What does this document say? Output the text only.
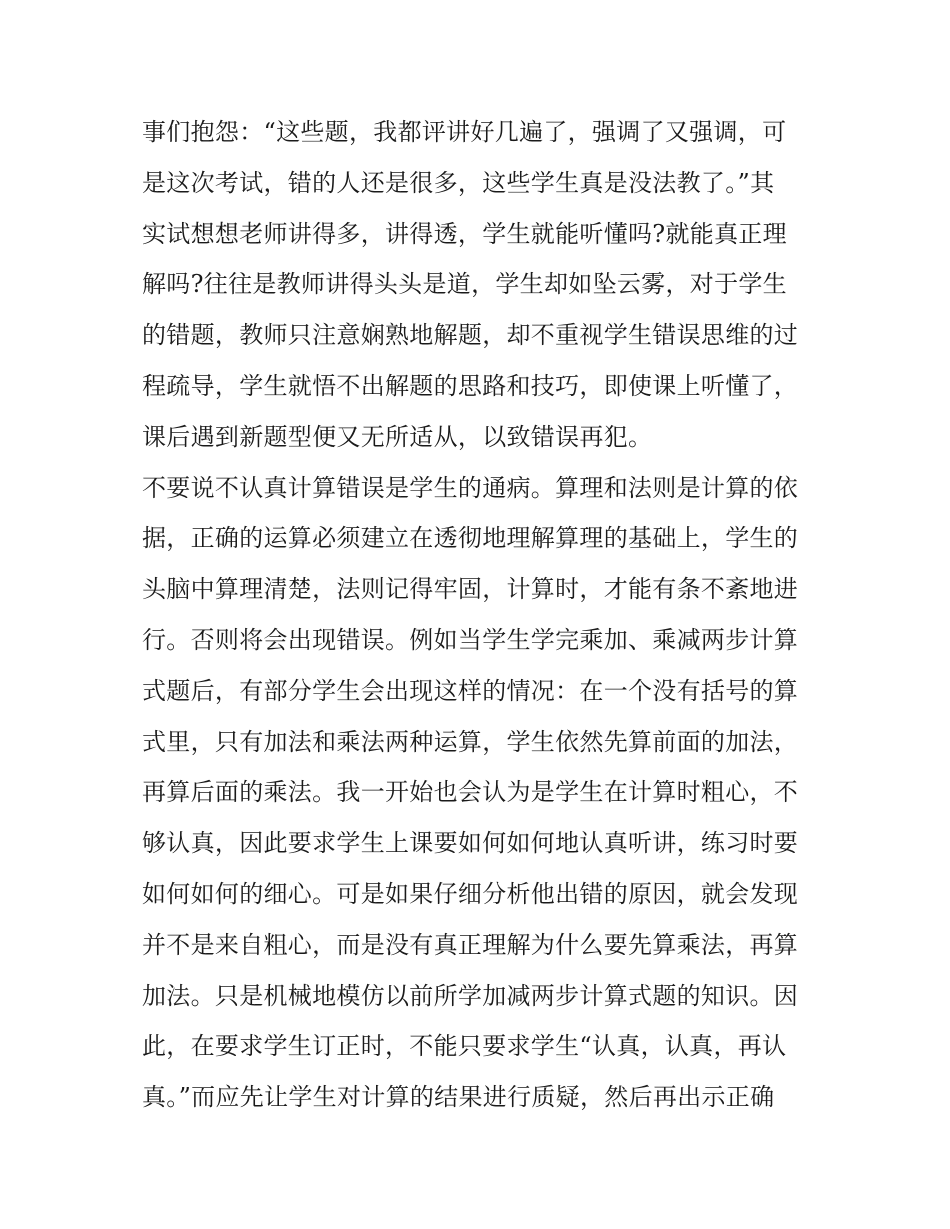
事们抱怨：“这些题，我都评讲好几遍了，强调了又强调，可
是这次考试，错的人还是很多，这些学生真是没法教了。”其
实试想想老师讲得多，讲得透，学生就能听懂吗?就能真正理
解吗?往往是教师讲得头头是道，学生却如坠云雾，对于学生
的错题，教师只注意娴熟地解题，却不重视学生错误思维的过
程疏导，学生就悟不出解题的思路和技巧，即使课上听懂了，
课后遇到新题型便又无所适从，以致错误再犯。
不要说不认真计算错误是学生的通病。算理和法则是计算的依
据，正确的运算必须建立在透彻地理解算理的基础上，学生的
头脑中算理清楚，法则记得牢固，计算时，才能有条不紊地进
行。否则将会出现错误。例如当学生学完乘加、乘减两步计算
式题后，有部分学生会出现这样的情况：在一个没有括号的算
式里，只有加法和乘法两种运算，学生依然先算前面的加法，
再算后面的乘法。我一开始也会认为是学生在计算时粗心，不
够认真，因此要求学生上课要如何如何地认真听讲，练习时要
如何如何的细心。可是如果仔细分析他出错的原因，就会发现
并不是来自粗心，而是没有真正理解为什么要先算乘法，再算
加法。只是机械地模仿以前所学加减两步计算式题的知识。因
此，在要求学生订正时，不能只要求学生“认真，认真，再认
真。”而应先让学生对计算的结果进行质疑，然后再出示正确
